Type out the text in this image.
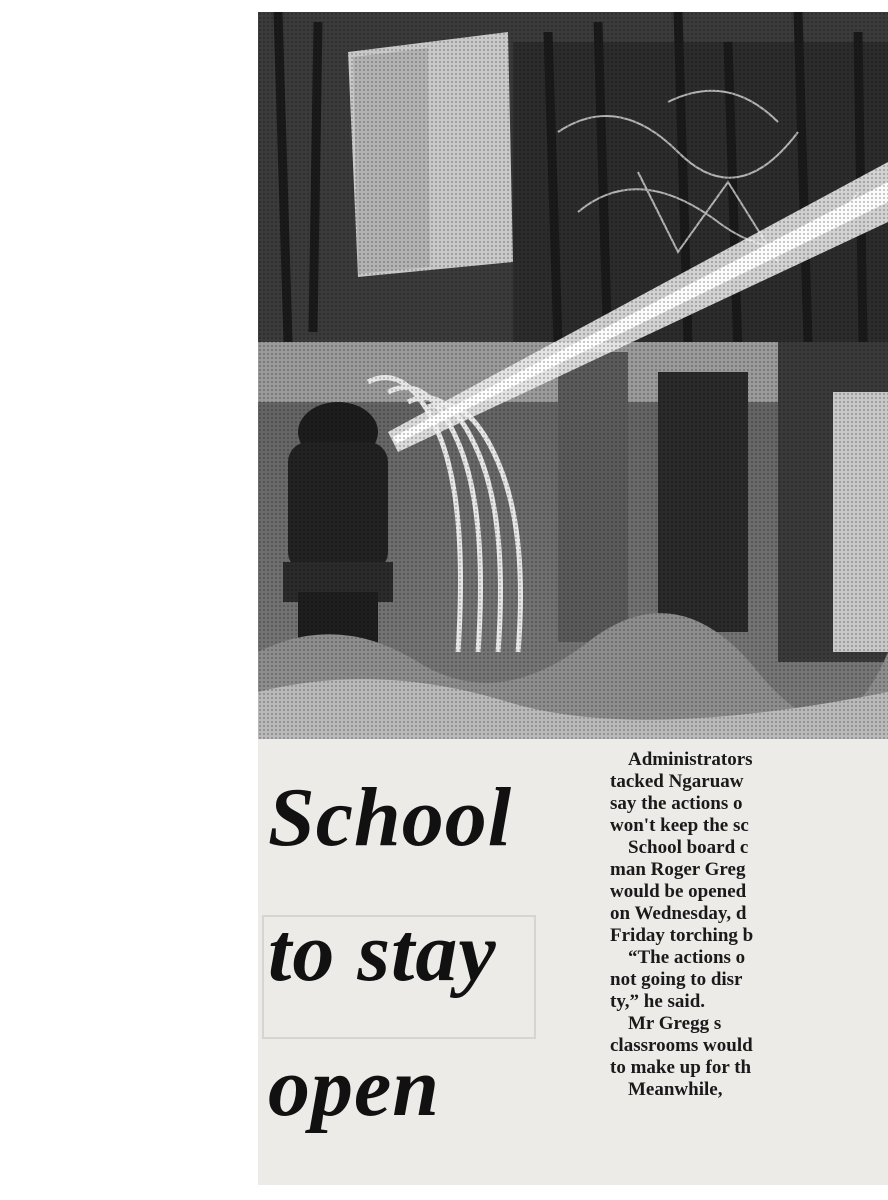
School
to stay
open
Administrators
tacked Ngaruaw
say the actions o
won't keep the sc
School board c
man Roger Greg
would be opened
on Wednesday, d
Friday torching b
“The actions o
not going to disr
ty,” he said.
Mr Gregg s
classrooms would
to make up for th
Meanwhile,
